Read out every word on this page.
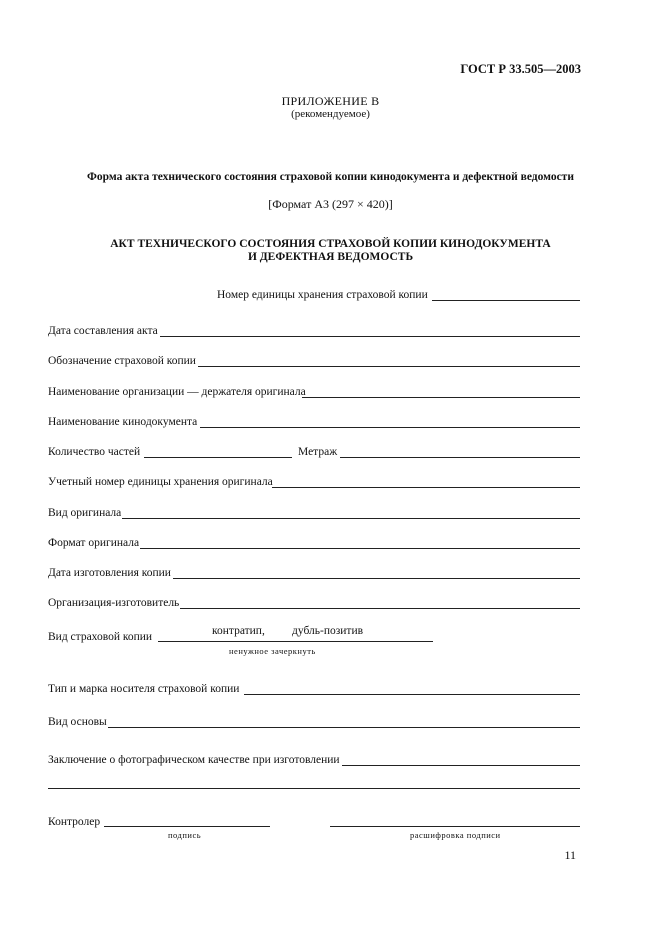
ГОСТ Р 33.505—2003
ПРИЛОЖЕНИЕ В
(рекомендуемое)
Форма акта технического состояния страховой копии кинодокумента и дефектной ведомости
[Формат А3 (297 × 420)]
АКТ ТЕХНИЧЕСКОГО СОСТОЯНИЯ СТРАХОВОЙ КОПИИ КИНОДОКУМЕНТА
И ДЕФЕКТНАЯ ВЕДОМОСТЬ
Номер единицы хранения страховой копии
Дата составления акта
Обозначение страховой копии
Наименование организации — держателя оригинала
Наименование кинодокумента
Количество частей	Метраж
Учетный номер единицы хранения оригинала
Вид оригинала
Формат оригинала
Дата изготовления копии
Организация-изготовитель
Вид страховой копии	контратип, дубль-позитив
ненужное зачеркнуть
Тип и марка носителя страховой копии
Вид основы
Заключение о фотографическом качестве при изготовлении
Контролер
подпись	расшифровка подписи
11
